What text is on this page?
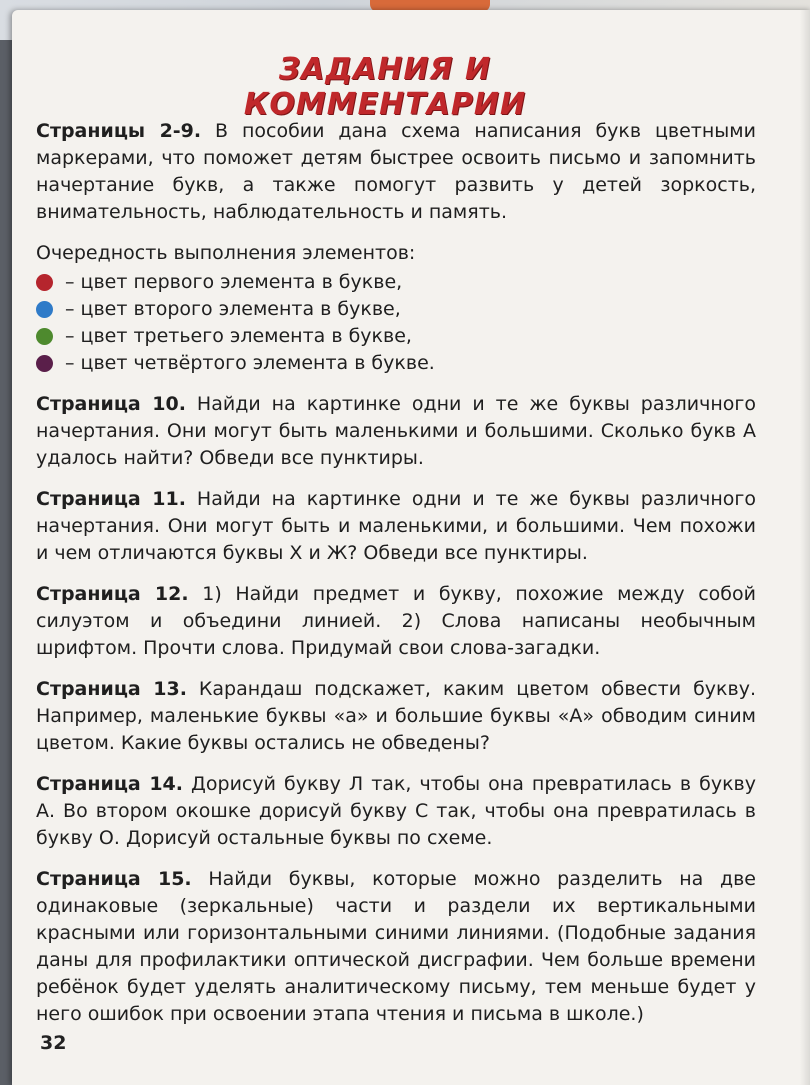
ЗАДАНИЯ И КОММЕНТАРИИ

Страницы 2-9. В пособии дана схема написания букв цветными маркерами, что поможет детям быстрее освоить письмо и запомнить начертание букв, а также помогут развить у детей зоркость, внимательность, наблюдательность и память.

Очередность выполнения элементов:
– цвет первого элемента в букве,
– цвет второго элемента в букве,
– цвет третьего элемента в букве,
– цвет четвёртого элемента в букве.

Страница 10. Найди на картинке одни и те же буквы различного начертания. Они могут быть маленькими и большими. Сколько букв А удалось найти? Обведи все пунктиры.

Страница 11. Найди на картинке одни и те же буквы различного начертания. Они могут быть и маленькими, и большими. Чем похожи и чем отличаются буквы Х и Ж? Обведи все пунктиры.

Страница 12. 1) Найди предмет и букву, похожие между собой силуэтом и объедини линией. 2) Слова написаны необычным шрифтом. Прочти слова. Придумай свои слова-загадки.

Страница 13. Карандаш подскажет, каким цветом обвести букву. Например, маленькие буквы «а» и большие буквы «А» обводим синим цветом. Какие буквы остались не обведены?

Страница 14. Дорисуй букву Л так, чтобы она превратилась в букву А. Во втором окошке дорисуй букву С так, чтобы она превратилась в букву О. Дорисуй остальные буквы по схеме.

Страница 15. Найди буквы, которые можно разделить на две одинаковые (зеркальные) части и раздели их вертикальными красными или горизонтальными синими линиями. (Подобные задания даны для профилактики оптической дисграфии. Чем больше времени ребёнок будет уделять аналитическому письму, тем меньше будет у него ошибок при освоении этапа чтения и письма в школе.)

32
